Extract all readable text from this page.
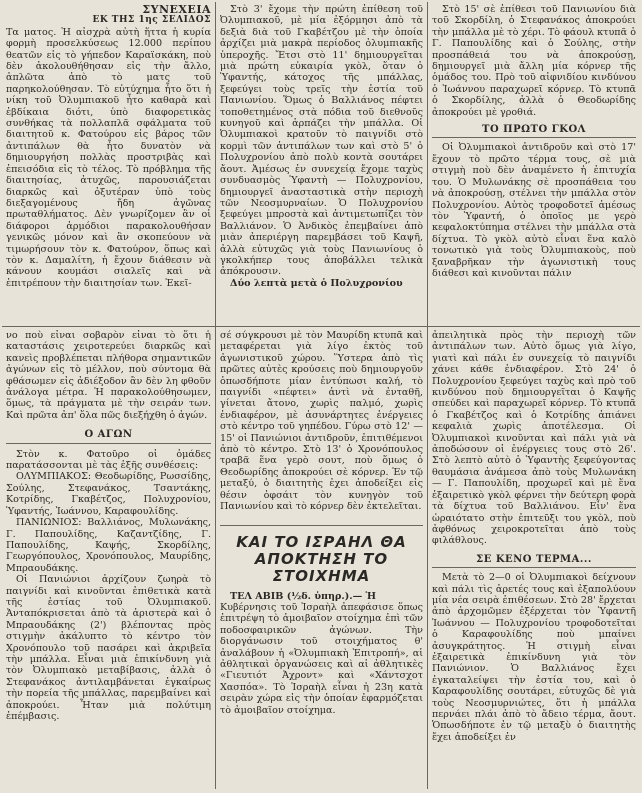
ΣΥΝΕΧΕΙΑ
ΕΚ ΤΗΣ 1ης ΣΕΛΙΔΟΣ

Τα ματος. Ἡ αἰσχρὰ αὐτὴ ἥττα ἡ κυρία φορμὴ προσελκύσεως 12.000 περίπου θεατῶν εἰς τὸ γήπεδον Καραϊσκάκη, ποὺ δὲν ἀκολουθήθησαν εἰς τὴν ἄλλο, ἁπλῶτα ἀπὸ τὸ ματς τοῦ παρηκολούθησαν. Τὸ εὐτύχημα ἦτο ὅτι ἡ νίκη τοῦ Ὀλυμπιακοῦ ἦτο καθαρὰ καὶ ἐβδίκαια διότι, ὑπὸ διαφορετικὰς συνθήκας τὰ πολλαπλᾶ σφάλματα τοῦ διαιτητοῦ κ. Φατούρου εἰς βάρος τῶν ἀντιπάλων θὰ ἦτο δυνατὸν νὰ δημιουργήση πολλὰς προστριβὰς καὶ ἐπεισόδια εἰς τὸ τέλος. Τὸ πρόβλημα τῆς διαιτησίας, ἀτυχῶς, παρουσιάζεται διαρκῶς καὶ ὀξυτέραν ὑπὸ τοὺς διεξαγομένους ἤδη ἀγῶνας πρωταθλήματος. Δὲν γνωρίζομεν ἂν οἱ διάφοροι ἁρμόδιοι παρακολουθήσαν γενικῶς μόνον καὶ ἂν σκοπεύουν νὰ τιμωρήσουν τὸν κ. Φατούρον, ὅπως καὶ τὸν κ. Δαμαλίτη, ἡ ἔχουν διάθεσιν νὰ κάνουν κουμάσι σιαλεῖς καὶ νὰ ἐπιτρέπουν τὴν διαιτησίαν των. Ἐκεῖ-

Στὸ 3' ἔχομε τὴν πρώτη ἐπίθεση τοῦ Ὀλυμπιακοῦ, μὲ μία ἐξόρμησι ἀπὸ τὰ δεξιὰ διὰ τοῦ Γκαβέτζου μὲ τὴν ὁποία ἀρχίζει μιὰ μακρὰ περίοδος ὀλυμπιακῆς ὑπεροχῆς. Ἔτσι στὸ 11' δημιουργεῖται μιὰ πρώτη εὐκαιρία γκὸλ, ὅταν ὁ Ὑφαντής, κάτοχος τῆς μπάλλας, ξεφεύγει τοὺς τρεῖς τὴν ἑστία τοῦ Πανιωνίου. Ὅμως ὁ Βαλλιάνος πέφτει τοποθετημένος στὰ πόδια τοῦ διεθνοῦς κυνηγοῦ καὶ ἁρπάζει τὴν μπάλλα. Οἱ Ὀλυμπιακοὶ κρατοῦν τὸ παιγνίδι στὸ κορμὶ τῶν ἀντιπάλων των καὶ στὸ 5' ὁ Πολυχρονίου ἀπὸ πολὺ κοντὰ σουτάρει ἄουτ. Ἀμέσως ἐν συνεχείᾳ ἔχομε ταχὺς συνδυασμὸς Ὑφαντὴ — Πολυχρονίου, δημιουργεῖ ἀνασταστικὰ στὴν περιοχὴ τῶν Νεοσμυρναίων. Ὁ Πολυχρονίου ξεφεύγει μπροστὰ καὶ ἀντιμετωπίζει τὸν Βαλλιάνον. Ὁ Ἀνδικὸς ἐπεμβαίνει ἀπὸ μιὰν ἀπεριέργη παρεμβάσει τοῦ Καψῆ, ἀλλὰ εὐτυχῶς γιὰ τοὺς Πανιωνίους ὁ γκολκήπερ τους ἀποβάλλει τελικὰ ἀπόκρουσιν.

Δύο λεπτὰ μετὰ ὁ Πολυχρονίου

Στὸ 15' σὲ ἐπίθεσι τοῦ Πανιωνίου διὰ τοῦ Σκορδίλη, ὁ Στεφανάκος ἀποκρούει τὴν μπάλλα μὲ τὸ χέρι. Τὸ φάουλ κτυπᾶ ὁ Γ. Παπουλίδης καὶ ὁ Σούλης, στὴν προσπάθειά του νὰ ἀποκρούσῃ, δημιουργεῖ μιὰ ἄλλη μία κόρνερ τῆς ὁμάδος του. Πρὸ τοῦ αἰφνιδίου κινδύνου ὁ Ἰωάννου παραχωρεῖ κόρνερ. Τὸ κτυπᾶ ὁ Σκορδίλης, ἀλλὰ ὁ Θεοδωρίδης ἀποκρούει μὲ γροθιά.

ΤΟ ΠΡΩΤΟ ΓΚΟΛ

Οἱ Ὀλυμπιακοὶ ἀντιδροῦν καὶ στὸ 17' ἔχουν τὸ πρῶτο τέρμα τους, σὲ μιὰ στιγμὴ ποὺ δὲν ἀναμένετο ἡ ἐπιτυχία του. Ὁ Μυλωνάκης σὲ προσπάθεια του νὰ ἀποκρούσῃ, στέλνει τὴν μπάλλα στὸν Πολυχρονίου. Αὐτὸς τροφοδοτεῖ ἀμέσως τὸν Ὑφαντή, ὁ ὁποῖος με γερὸ κεφαλοκτύπημα στέλνει τὴν μπάλλα στὰ δίχτυα. Τὸ γκὸλ αὐτὸ εἶναι ἕνα καλὸ τονωτικὸ γιὰ τοὺς Ὀλυμπιακοὺς, ποὺ ξαναβρῆκαν τὴν ἀγωνιστικὴ τους διάθεσι καὶ κινοῦνται πάλιν

νο ποὺ εἶναι σοβαρὸν εἶναι τὸ ὅτι ἡ καταστάσις χειροτερεύει διαρκῶς καὶ κανεὶς προβλέπεται πλήθορα σημαντικῶν ἀγώνων εἰς τὸ μέλλον, ποὺ σύντομα θὰ φθάσωμεν εἰς ἀδιέξοδον ἂν δὲν λη φθοῦν ἀνάλογα μέτρα. Ἡ παρακολούθησωμεν, ὅμως, τὰ πράγματα μὲ τὴν σειράν των. Καὶ πρῶτα ἀπ' ὅλα πῶς διεξήχθη ὁ ἀγών.

Ο ΑΓΩΝ

Στὸν κ. Φατοῦρο οἱ ὁμάδες παρατάσσονται μὲ τὰς ἑξῆς συνθέσεις:

ΟΛΥΜΠΙΑΚΟΣ: Θεοδωρίδης, Ρωσσίδης, Σούλης, Στεφανάκος, Τσαντάκης, Κοτρίδης, Γκαβέτζος, Πολυχρονίου, Ὑφαντής, Ἰωάννου, Καραφουλίδης.

ΠΑΝΙΩΝΙΟΣ: Βαλλιάνος, Μυλωνάκης, Γ. Παπουλίδης, Καζαντζίδης, Γ. Παπουλίδης, Καψής, Σκορδίλης, Γεωργόπουλος, Χρονόπουλος, Μαυρίδης, Μπραουδάκης.

Οἱ Πανιώνιοι ἀρχίζουν ζωηρὰ τὸ παιγνίδι καὶ κινοῦνται ἐπιθετικὰ κατὰ τῆς ἑστίας τοῦ Ὀλυμπιακοῦ. Ἀνταπόκρισεται ἀπὸ τὰ ἀριστερὰ καὶ ὁ Μπραουδάκης (2') βλέποντας πρὸς στιγμὴν ἀκάλυπτο τὸ κέντρο τὸν Χρονόπουλο τοῦ πασάρει καὶ ἀκριβεῖα τὴν μπάλλα. Εἶναι μιὰ ἐπικίνδυνη γιὰ τὸν Ὀλυμπιακὸ μεταβίβασις, ἀλλὰ ὁ Στεφανάκος ἀντιλαμβάνεται ἐγκαίρως τὴν πορεία τῆς μπάλλας, παρεμβαίνει καὶ ἀποκρούει. Ἦταν μιὰ πολύτιμη ἐπέμβασις.

σέ σύγκρουσι μὲ τὸν Μαυρίδη κτυπᾶ καὶ μεταφέρεται γιὰ λίγο ἐκτὸς τοῦ ἀγωνιστικοῦ χώρου. Ὕστερα ἀπὸ τὶς πρῶτες αὐτὲς κρούσεις ποὺ δημιουργοῦν ὁπωσδήποτε μίαν ἐντύπωσι καλή, τὸ παιγνίδι «πέφτει» ἀντὶ νὰ ἐνταθῆ, γίνεται ἄτονο, χωρὶς παλμό, χωρὶς ἐνδιαφέρον, μὲ ἀσυνάρτητες ἐνέργειες στὸ κέντρο τοῦ γηπέδου. Γύρω στὸ 12' — 15' οἱ Πανιώνιοι ἀντιδροῦν, ἐπιτιθέμενοι ἀπὸ τὸ κέντρο. Στὸ 13' ὁ Χρονόπουλος τραβᾶ ἕνα γερὸ σουτ, ποὺ ὅμως ὁ Θεοδωρίδης ἀποκρούει σὲ κόρνερ. Ἐν τῷ μεταξύ, ὁ διαιτητὴς ἐχει ἀποδείξει εἰς θέσιν ὀφσάιτ τὸν κυνηγὸν τοῦ Πανιωνίου καὶ τὸ κόρνερ δὲν ἐκτελεῖται.

ΚΑΙ ΤΟ ΙΣΡΑΗΛ ΘΑ ΑΠΟΚΤΗΣΗ ΤΟ ΣΤΟΙΧΗΜΑ

ΤΕΛ ΑΒΙΒ (½δ. ὑπηρ.).— Ἡ

Κυβέρνησις τοῦ Ἰσραὴλ ἀπεφάσισε ὅπως ἐπιτρέψη τὸ ἀμοιβαῖον στοίχημα ἐπὶ τῶν ποδοσφαιρικῶν ἀγώνων. Τὴν διοργάνωσιν τοῦ στοιχήματος θ' ἀναλάβουν ἡ «Ὀλυμπιακὴ Ἐπιτροπή», αἱ ἀθλητικαὶ ὀργανώσεις καὶ αἱ ἀθλητικὲς «Γιευτιότ Ἀχροντ» καὶ «Χάντσχοτ Χασπόα». Τὸ Ἰσραὴλ εἶναι ἡ 23η κατὰ σειρὰν χώρα εἰς τὴν ὁποίαν ἐφαρμόζεται τὸ ἀμοιβαῖον στοίχημα.

ἀπειλητικὰ πρὸς τὴν περιοχὴ τῶν ἀντιπάλων των. Αὐτὸ ὅμως γιὰ λίγο, γιατὶ καὶ πάλι ἐν συνεχείᾳ τὸ παιγνίδι χάνει κάθε ἐνδιαφέρον. Στὸ 24' ὁ Πολυχρονίου ξεφεύγει ταχὺς καὶ πρὸ τοῦ κινδύνου ποὺ δημιουργεῖται ὁ Καψῆς σπεύδει καὶ παραχωρεῖ κόρνερ. Τὸ κτυπᾶ ὁ Γκαβέτζος καὶ ὁ Κοτρίδης ἀπιάνει κεφαλιὰ χωρὶς ἀποτέλεσμα. Οἱ Ὀλυμπιακοὶ κινοῦνται καὶ πάλι γιὰ νὰ ἀποδώσουν οἱ ἐνέργειες τους στὸ 26'. Στὸ λεπτὸ αὐτὸ ὁ Ὑφαντὴς ξεφεύγοντας θαυμάσια ἀνάμεσα ἀπὸ τοὺς Μυλωνάκη — Γ. Παπουλίδη, προχωρεῖ καὶ μὲ ἕνα ἐξαιρετικὸ γκὸλ φέρνει τὴν δεύτερη φορὰ τὰ δίχτυα τοῦ Βαλλιάνου. Εἶν' ἕνα ὡραιότατο στὴν ἐπιτεῦξι του γκὸλ, ποὺ ἀφθόνως χειροκροτεῖται ἀπὸ τοὺς φιλάθλους.

ΣΕ ΚΕΝΟ ΤΕΡΜΑ...

Μετὰ τὸ 2—0 οἱ Ὀλυμπιακοὶ δείχνουν καὶ πάλι τὶς ἀρετές τους καὶ ἐξαπολύουν μία νέα σειρὰ ἐπιθέσεων. Στὸ 28' ἔρχεται ἀπὸ ἀρχομῶμεν ἐξέρχεται τὸν Ὑφαντῆ Ἰωάννου — Πολυχρονίου τροφοδοτεῖται ὁ Καραφουλίδης ποὺ μπαίνει ἀσυγκράτητος. Ἡ στιγμὴ εἶναι ἐξαιρετικὰ ἐπικίνδυνη γιὰ τὸν Πανιώνιον. Ὁ Βαλλιάνος ἔχει ἐγκαταλείψει τὴν ἑστία του, καὶ ὁ Καραφουλίδης σουτάρει, εὐτυχῶς δὲ γιὰ τοὺς Νεοσμυρνιώτες, ὅτι ἡ μπάλλα περνάει πλάι ἀπὸ τὸ ἄδειο τέρμα, ἄουτ. Ὁπωσδήποτε ἐν τῷ μεταξὺ ὁ διαιτητὴς ἔχει ἀποδείξει ἐν
